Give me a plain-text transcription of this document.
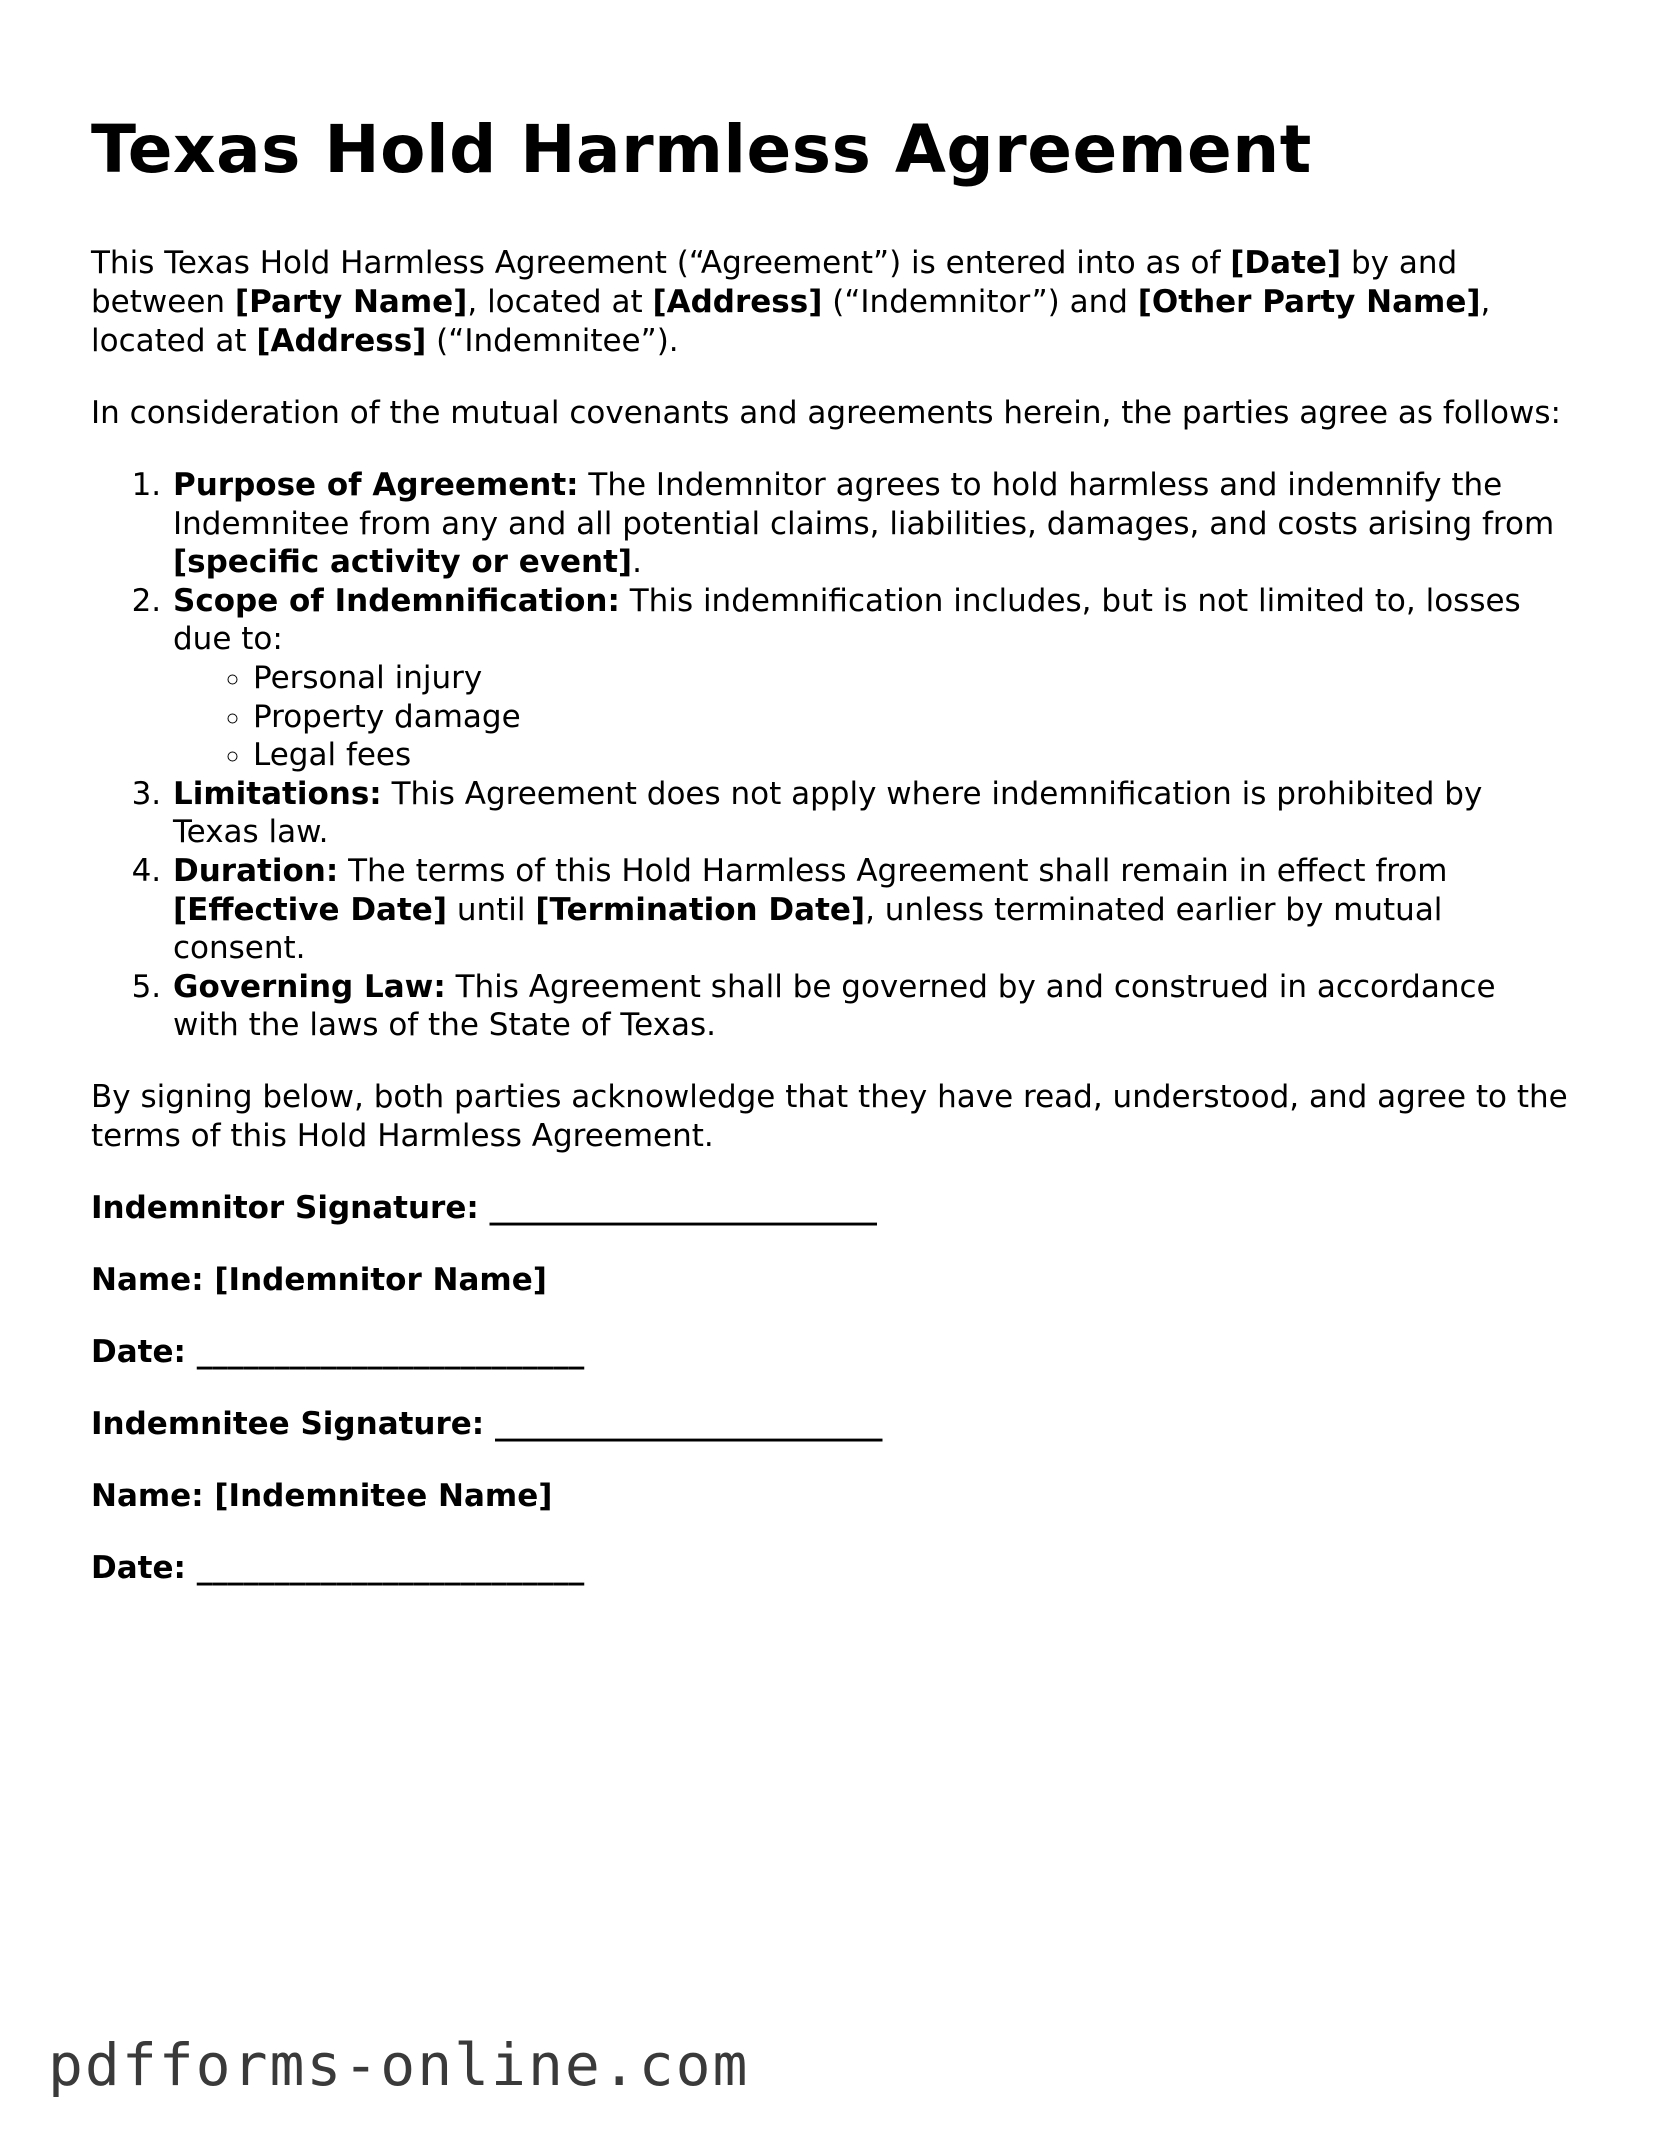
Texas Hold Harmless Agreement

This Texas Hold Harmless Agreement (“Agreement”) is entered into as of [Date] by and between [Party Name], located at [Address] (“Indemnitor”) and [Other Party Name], located at [Address] (“Indemnitee”).

In consideration of the mutual covenants and agreements herein, the parties agree as follows:

1. Purpose of Agreement: The Indemnitor agrees to hold harmless and indemnify the Indemnitee from any and all potential claims, liabilities, damages, and costs arising from [specific activity or event].
2. Scope of Indemnification: This indemnification includes, but is not limited to, losses due to:
◦ Personal injury
◦ Property damage
◦ Legal fees
3. Limitations: This Agreement does not apply where indemnification is prohibited by Texas law.
4. Duration: The terms of this Hold Harmless Agreement shall remain in effect from [Effective Date] until [Termination Date], unless terminated earlier by mutual consent.
5. Governing Law: This Agreement shall be governed by and construed in accordance with the laws of the State of Texas.

By signing below, both parties acknowledge that they have read, understood, and agree to the terms of this Hold Harmless Agreement.

Indemnitor Signature: _________________________

Name: [Indemnitor Name]

Date: _________________________

Indemnitee Signature: _________________________

Name: [Indemnitee Name]

Date: _________________________

pdfforms-online.com
